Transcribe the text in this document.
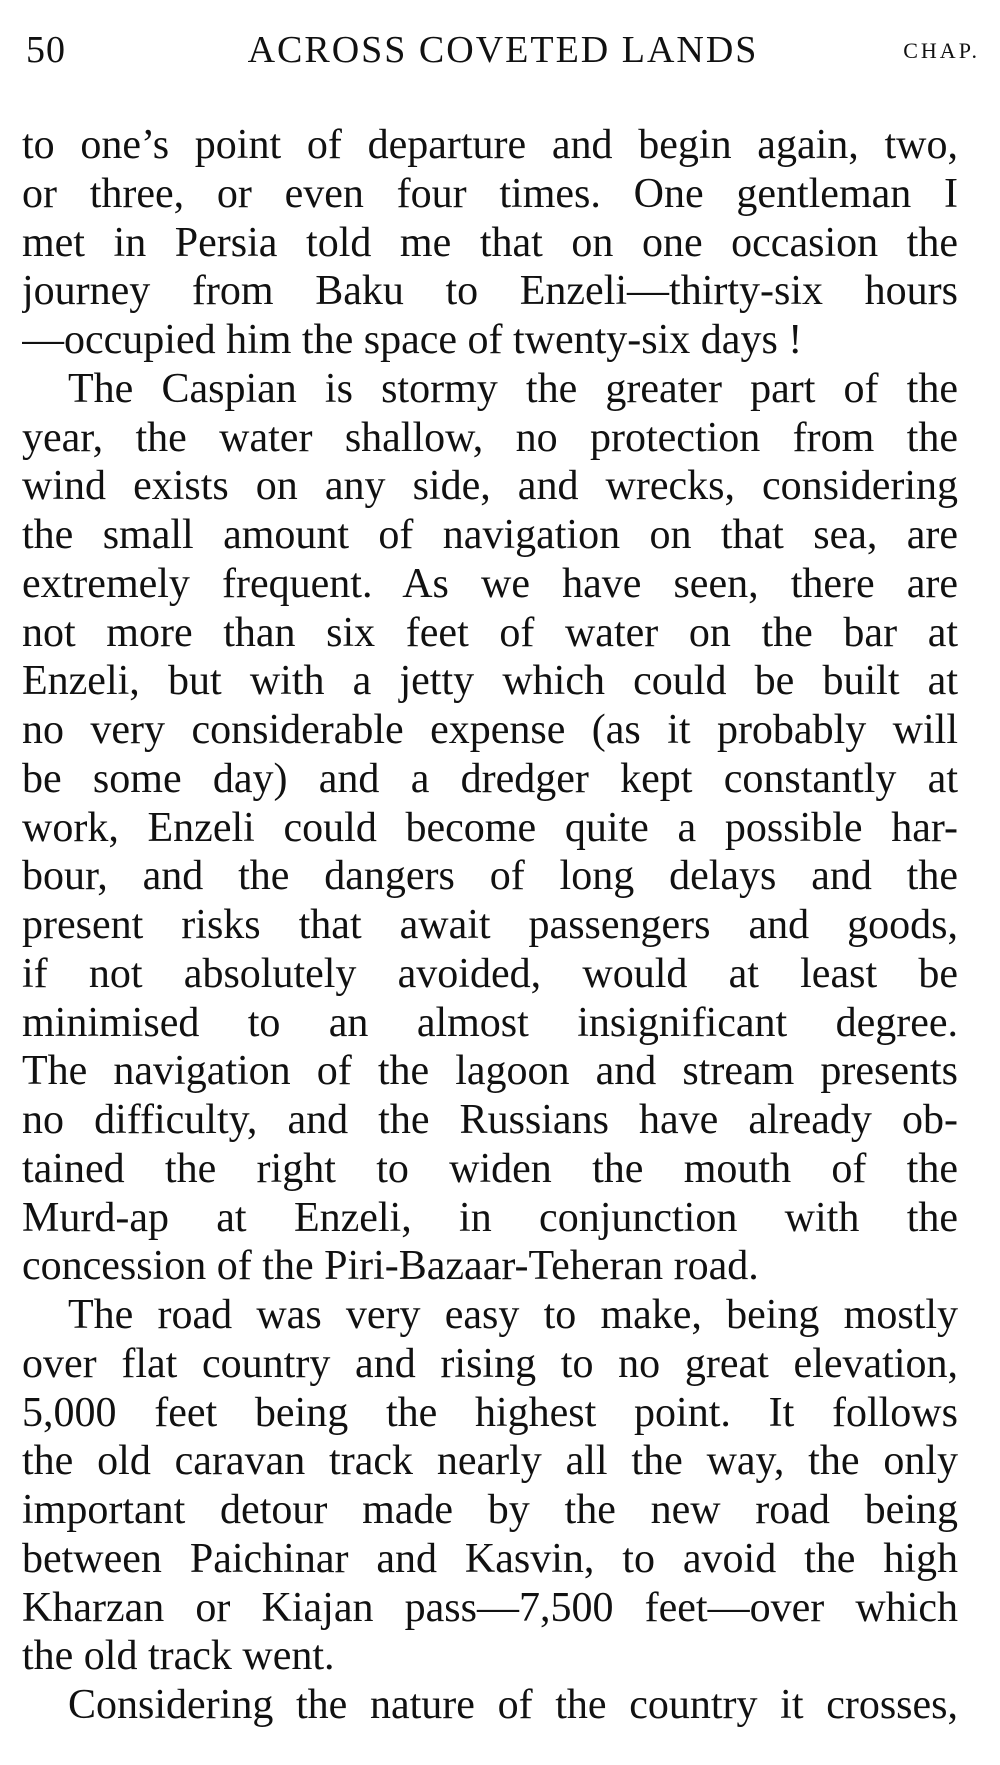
50	ACROSS COVETED LANDS	CHAP.
to one’s point of departure and begin again, two,
or three, or even four times. One gentleman I
met in Persia told me that on one occasion the
journey from Baku to Enzeli—thirty-six hours
—occupied him the space of twenty-six days !
The Caspian is stormy the greater part of the
year, the water shallow, no protection from the
wind exists on any side, and wrecks, considering
the small amount of navigation on that sea, are
extremely frequent. As we have seen, there are
not more than six feet of water on the bar at
Enzeli, but with a jetty which could be built at
no very considerable expense (as it probably will
be some day) and a dredger kept constantly at
work, Enzeli could become quite a possible har-
bour, and the dangers of long delays and the
present risks that await passengers and goods,
if not absolutely avoided, would at least be
minimised to an almost insignificant degree.
The navigation of the lagoon and stream presents
no difficulty, and the Russians have already ob-
tained the right to widen the mouth of the
Murd-ap at Enzeli, in conjunction with the
concession of the Piri-Bazaar-Teheran road.
The road was very easy to make, being mostly
over flat country and rising to no great elevation,
5,000 feet being the highest point. It follows
the old caravan track nearly all the way, the only
important detour made by the new road being
between Paichinar and Kasvin, to avoid the high
Kharzan or Kiajan pass—7,500 feet—over which
the old track went.
Considering the nature of the country it crosses,
